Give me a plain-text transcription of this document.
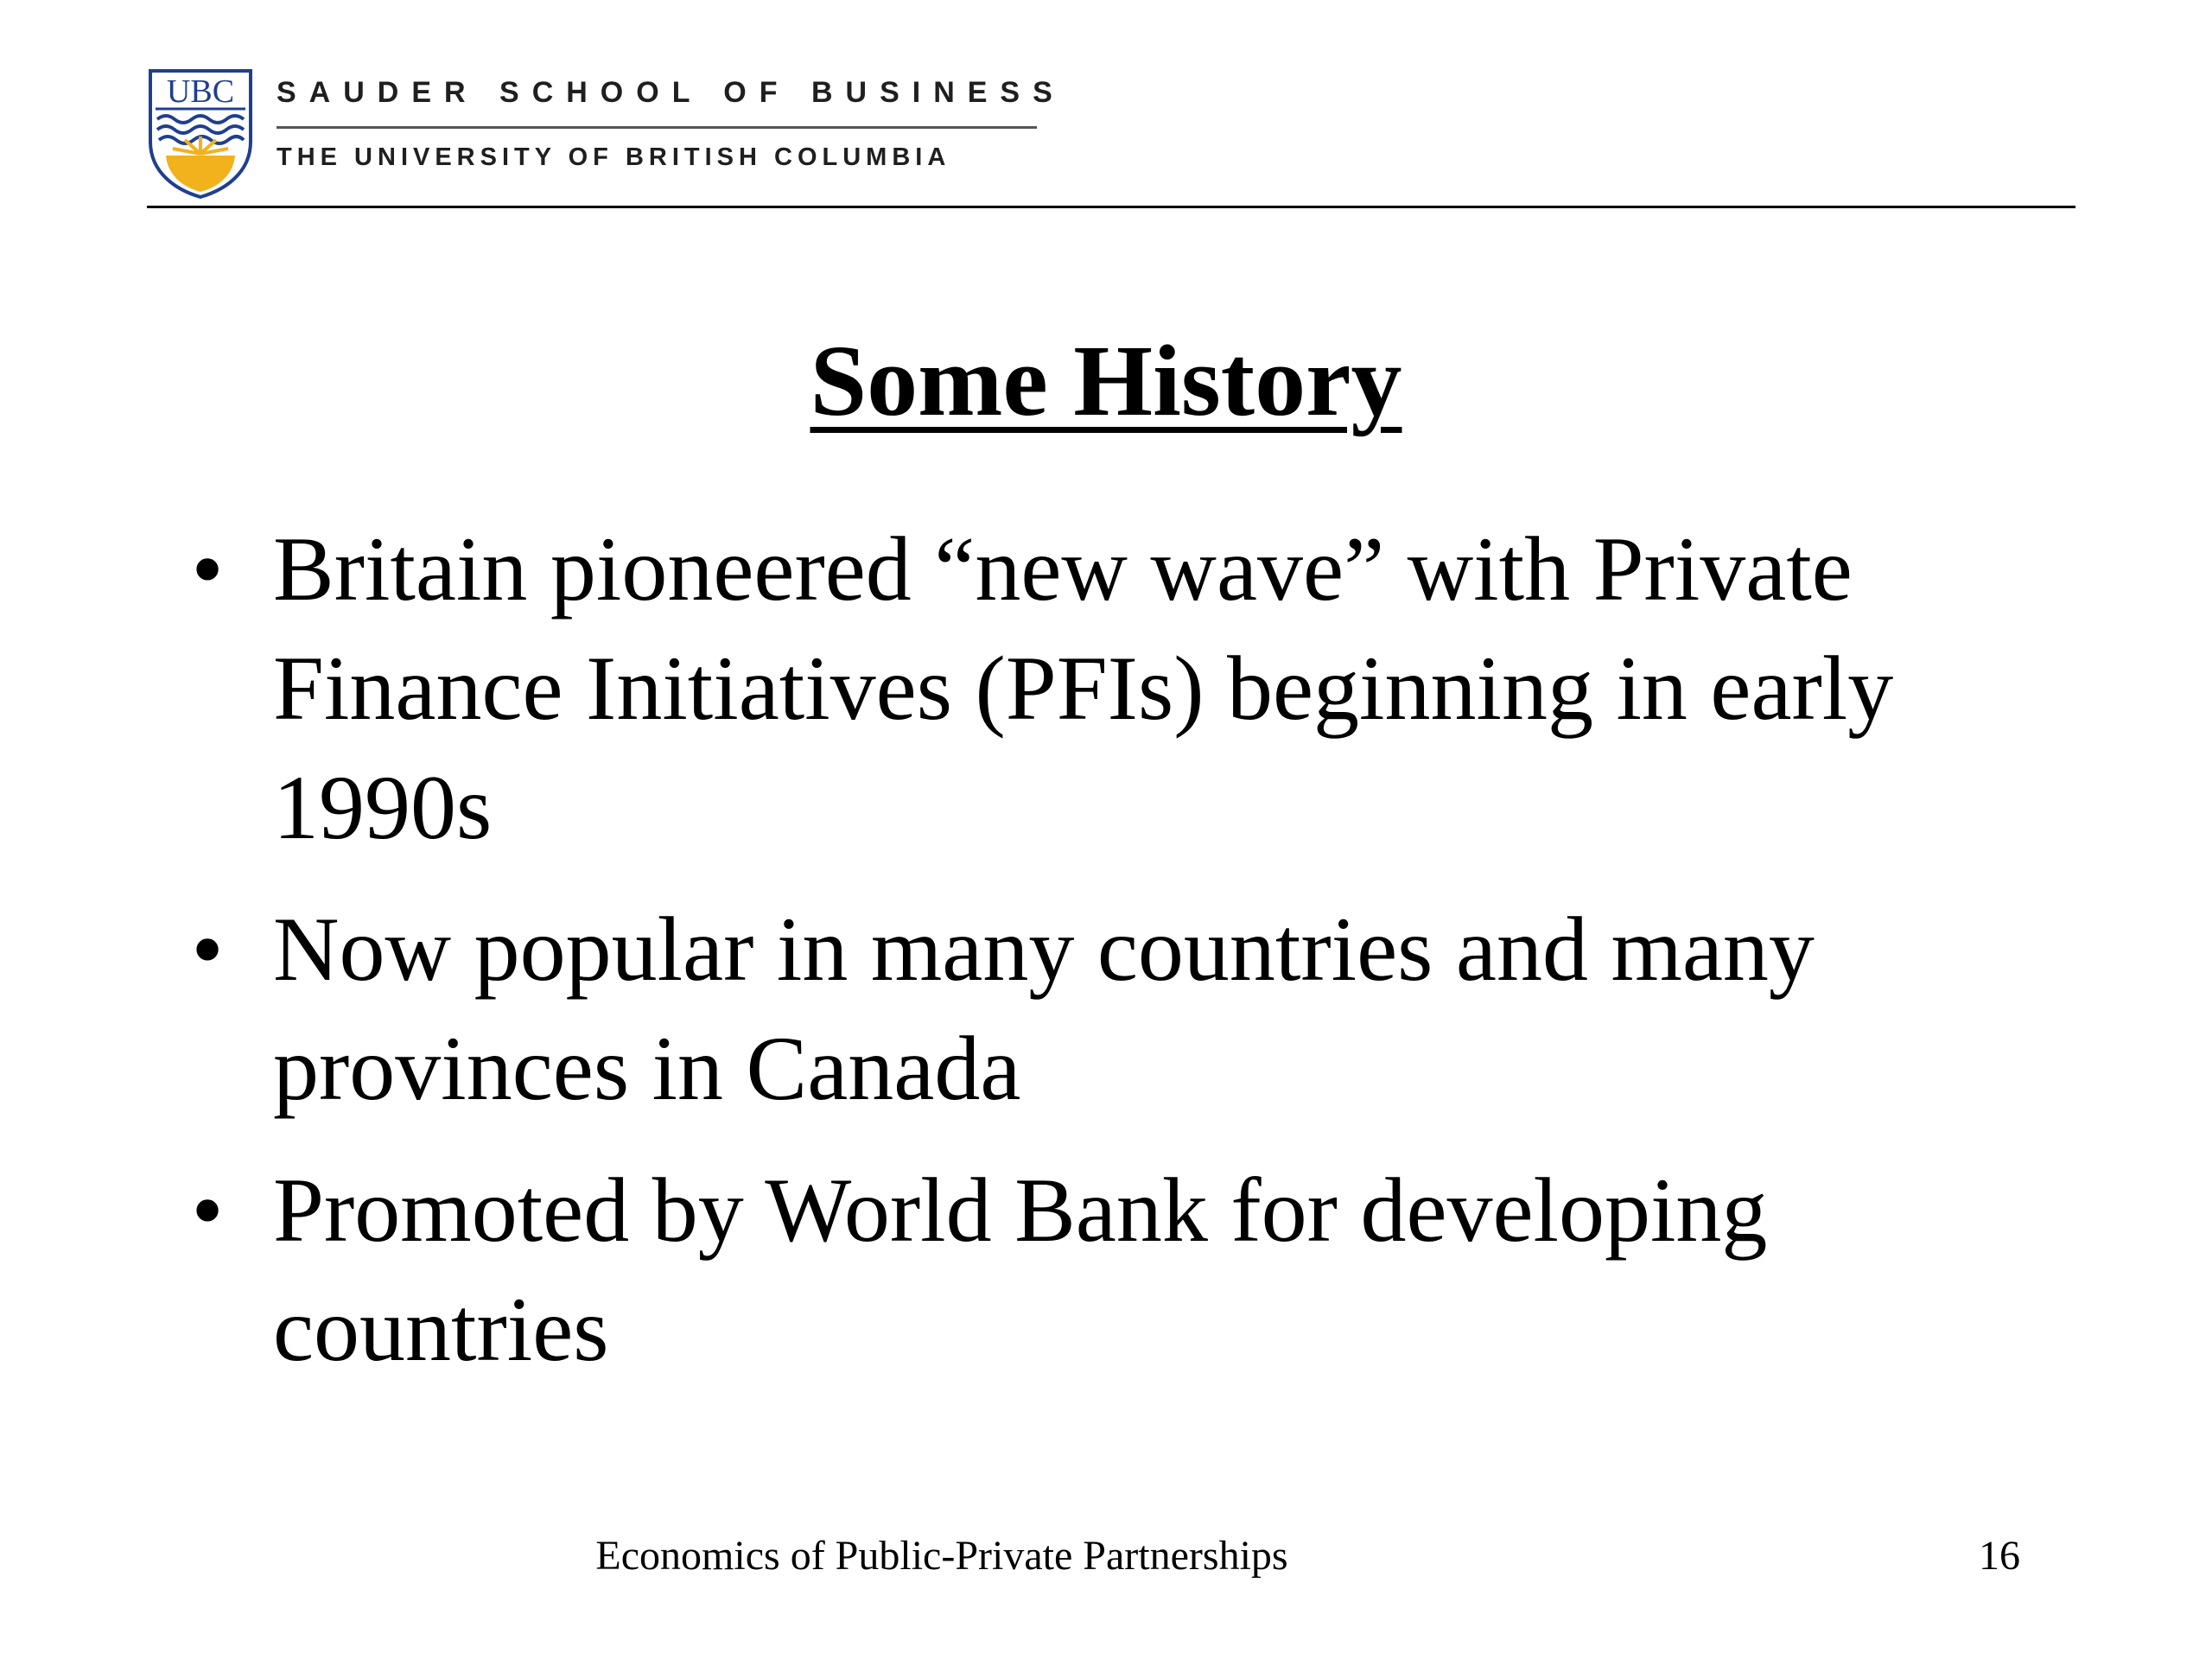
UBC SAUDER SCHOOL OF BUSINESS
THE UNIVERSITY OF BRITISH COLUMBIA
Some History
• Britain pioneered “new wave” with Private Finance Initiatives (PFIs) beginning in early 1990s
• Now popular in many countries and many provinces in Canada
• Promoted by World Bank for developing countries
Economics of Public-Private Partnerships	16
